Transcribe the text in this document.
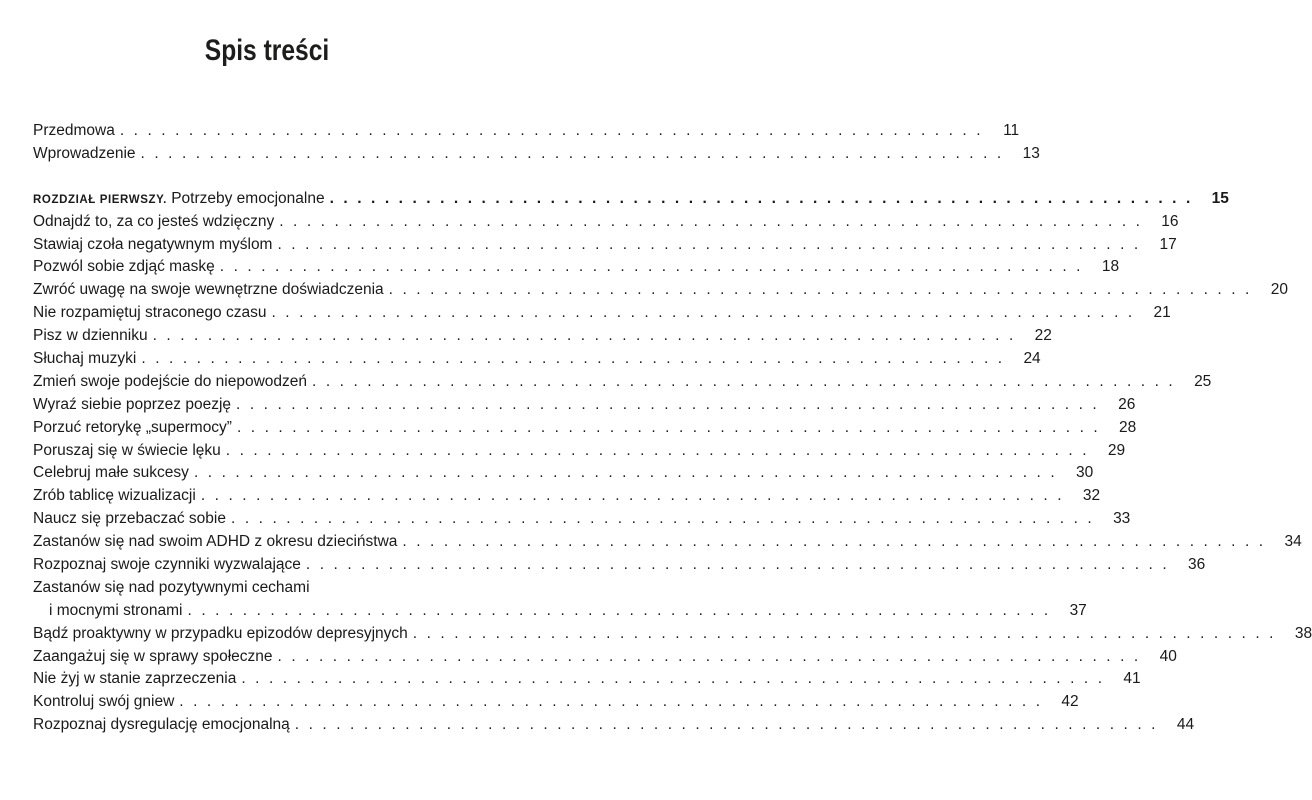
Spis treści
Przedmowa . . . . . . . . . . . . . . . . . . . . . . . . . . . . . . . . . . . . . . . . . . . . . . . . . . . . . . . . . . . . . . .	11
Wprowadzenie . . . . . . . . . . . . . . . . . . . . . . . . . . . . . . . . . . . . . . . . . . . . . . . . . . . . . . . . . . . . . . .	13
ROZDZIAŁ PIERWSZY. Potrzeby emocjonalne . . . . . . . . . . . . . . . . . . . . . . . . . . . . . . . . . . . . . . . . . . . . . . . . . . . . . . . . . . . . . . .	15
Odnajdź to, za co jesteś wdzięczny . . . . . . . . . . . . . . . . . . . . . . . . . . . . . . . . . . . . . . . . . . . . . . . . . . . . . . . . . . . . . . .	16
Stawiaj czoła negatywnym myślom . . . . . . . . . . . . . . . . . . . . . . . . . . . . . . . . . . . . . . . . . . . . . . . . . . . . . . . . . . . . . . .	17
Pozwól sobie zdjąć maskę . . . . . . . . . . . . . . . . . . . . . . . . . . . . . . . . . . . . . . . . . . . . . . . . . . . . . . . . . . . . . . .	18
Zwróć uwagę na swoje wewnętrzne doświadczenia . . . . . . . . . . . . . . . . . . . . . . . . . . . . . . . . . . . . . . . . . . . . . . . . . . . . . . . . . . . . . . .	20
Nie rozpamiętuj straconego czasu . . . . . . . . . . . . . . . . . . . . . . . . . . . . . . . . . . . . . . . . . . . . . . . . . . . . . . . . . . . . . . .	21
Pisz w dzienniku . . . . . . . . . . . . . . . . . . . . . . . . . . . . . . . . . . . . . . . . . . . . . . . . . . . . . . . . . . . . . . .	22
Słuchaj muzyki . . . . . . . . . . . . . . . . . . . . . . . . . . . . . . . . . . . . . . . . . . . . . . . . . . . . . . . . . . . . . . .	24
Zmień swoje podejście do niepowodzeń . . . . . . . . . . . . . . . . . . . . . . . . . . . . . . . . . . . . . . . . . . . . . . . . . . . . . . . . . . . . . . .	25
Wyraź siebie poprzez poezję . . . . . . . . . . . . . . . . . . . . . . . . . . . . . . . . . . . . . . . . . . . . . . . . . . . . . . . . . . . . . . .	26
Porzuć retorykę „supermocy” . . . . . . . . . . . . . . . . . . . . . . . . . . . . . . . . . . . . . . . . . . . . . . . . . . . . . . . . . . . . . . .	28
Poruszaj się w świecie lęku . . . . . . . . . . . . . . . . . . . . . . . . . . . . . . . . . . . . . . . . . . . . . . . . . . . . . . . . . . . . . . .	29
Celebruj małe sukcesy . . . . . . . . . . . . . . . . . . . . . . . . . . . . . . . . . . . . . . . . . . . . . . . . . . . . . . . . . . . . . . .	30
Zrób tablicę wizualizacji . . . . . . . . . . . . . . . . . . . . . . . . . . . . . . . . . . . . . . . . . . . . . . . . . . . . . . . . . . . . . . .	32
Naucz się przebaczać sobie . . . . . . . . . . . . . . . . . . . . . . . . . . . . . . . . . . . . . . . . . . . . . . . . . . . . . . . . . . . . . . .	33
Zastanów się nad swoim ADHD z okresu dzieciństwa . . . . . . . . . . . . . . . . . . . . . . . . . . . . . . . . . . . . . . . . . . . . . . . . . . . . . . . . . . . . . . .	34
Rozpoznaj swoje czynniki wyzwalające . . . . . . . . . . . . . . . . . . . . . . . . . . . . . . . . . . . . . . . . . . . . . . . . . . . . . . . . . . . . . . .	36
Zastanów się nad pozytywnymi cechami
i mocnymi stronami . . . . . . . . . . . . . . . . . . . . . . . . . . . . . . . . . . . . . . . . . . . . . . . . . . . . . . . . . . . . . . .	37
Bądź proaktywny w przypadku epizodów depresyjnych . . . . . . . . . . . . . . . . . . . . . . . . . . . . . . . . . . . . . . . . . . . . . . . . . . . . . . . . . . . . . . .	38
Zaangażuj się w sprawy społeczne . . . . . . . . . . . . . . . . . . . . . . . . . . . . . . . . . . . . . . . . . . . . . . . . . . . . . . . . . . . . . . .	40
Nie żyj w stanie zaprzeczenia . . . . . . . . . . . . . . . . . . . . . . . . . . . . . . . . . . . . . . . . . . . . . . . . . . . . . . . . . . . . . . .	41
Kontroluj swój gniew . . . . . . . . . . . . . . . . . . . . . . . . . . . . . . . . . . . . . . . . . . . . . . . . . . . . . . . . . . . . . . .	42
Rozpoznaj dysregulację emocjonalną . . . . . . . . . . . . . . . . . . . . . . . . . . . . . . . . . . . . . . . . . . . . . . . . . . . . . . . . . . . . . . .	44
